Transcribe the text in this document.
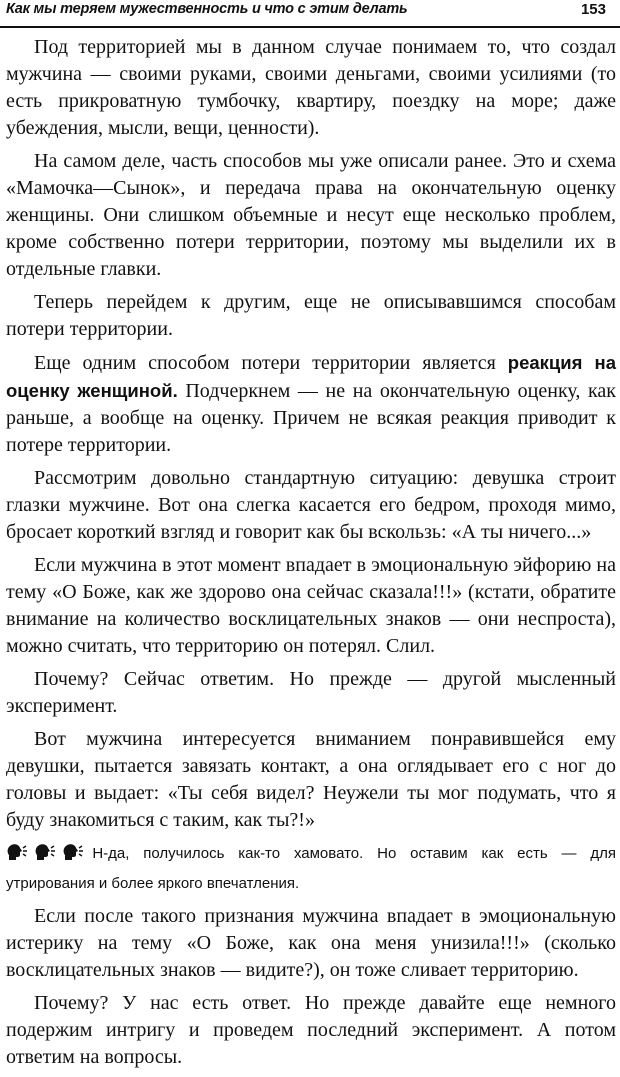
Как мы теряем мужественность и что с этим делать	153

Под территорией мы в данном случае понимаем то, что создал мужчина — своими руками, своими деньгами, своими усилиями (то есть прикроватную тумбочку, квартиру, поездку на море; даже убеждения, мысли, вещи, ценности).

На самом деле, часть способов мы уже описали ранее. Это и схема «Мамочка—Сынок», и передача права на окончательную оценку женщины. Они слишком объемные и несут еще несколько проблем, кроме собственно потери территории, поэтому мы выделили их в отдельные главки.

Теперь перейдем к другим, еще не описывавшимся способам потери территории.

Еще одним способом потери территории является реакция на оценку женщиной. Подчеркнем — не на окончательную оценку, как раньше, а вообще на оценку. Причем не всякая реакция приводит к потере территории.

Рассмотрим довольно стандартную ситуацию: девушка строит глазки мужчине. Вот она слегка касается его бедром, проходя мимо, бросает короткий взгляд и говорит как бы вскользь: «А ты ничего...»

Если мужчина в этот момент впадает в эмоциональную эйфорию на тему «О Боже, как же здорово она сейчас сказала!!!» (кстати, обратите внимание на количество восклицательных знаков — они неспроста), можно считать, что территорию он потерял. Слил.

Почему? Сейчас ответим. Но прежде — другой мысленный эксперимент.

Вот мужчина интересуется вниманием понравившейся ему девушки, пытается завязать контакт, а она оглядывает его с ног до головы и выдает: «Ты себя видел? Неужели ты мог подумать, что я буду знакомиться с таким, как ты?!»

Н-да, получилось как-то хамовато. Но оставим как есть — для утрирования и более яркого впечатления.

Если после такого признания мужчина впадает в эмоциональную истерику на тему «О Боже, как она меня унизила!!!» (сколько восклицательных знаков — видите?), он тоже сливает территорию.

Почему? У нас есть ответ. Но прежде давайте еще немного подержим интригу и проведем последний эксперимент. А потом ответим на вопросы.
